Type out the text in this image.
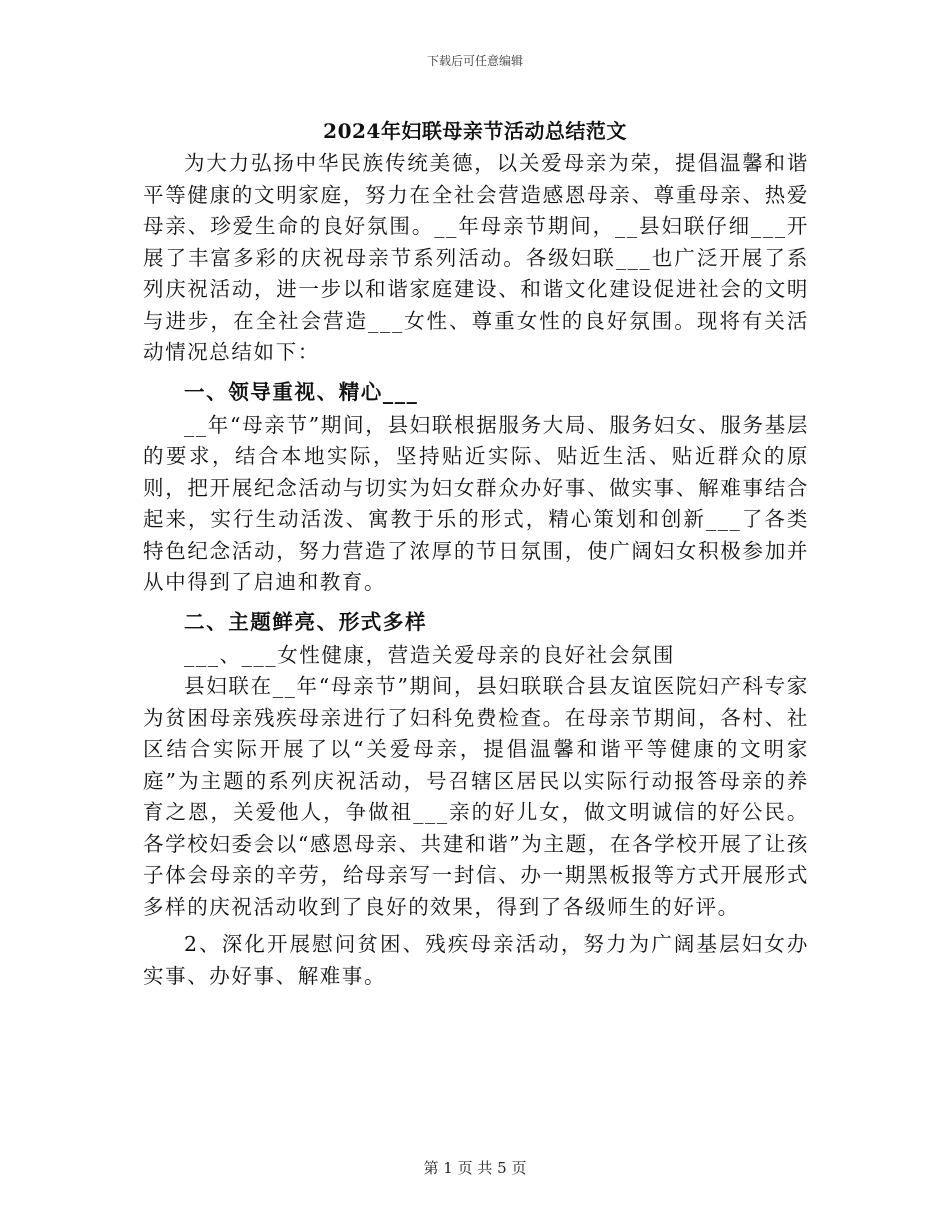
下载后可任意编辑
2024年妇联母亲节活动总结范文

为大力弘扬中华民族传统美德，以关爱母亲为荣，提倡温馨和谐平等健康的文明家庭，努力在全社会营造感恩母亲、尊重母亲、热爱母亲、珍爱生命的良好氛围。__年母亲节期间，__县妇联仔细___开展了丰富多彩的庆祝母亲节系列活动。各级妇联___也广泛开展了系列庆祝活动，进一步以和谐家庭建设、和谐文化建设促进社会的文明与进步，在全社会营造___女性、尊重女性的良好氛围。现将有关活动情况总结如下：

一、领导重视、精心___

__年“母亲节”期间，县妇联根据服务大局、服务妇女、服务基层的要求，结合本地实际，坚持贴近实际、贴近生活、贴近群众的原则，把开展纪念活动与切实为妇女群众办好事、做实事、解难事结合起来，实行生动活泼、寓教于乐的形式，精心策划和创新___了各类特色纪念活动，努力营造了浓厚的节日氛围，使广阔妇女积极参加并从中得到了启迪和教育。

二、主题鲜亮、形式多样

___、___女性健康，营造关爱母亲的良好社会氛围

县妇联在__年“母亲节”期间，县妇联联合县友谊医院妇产科专家为贫困母亲残疾母亲进行了妇科免费检查。在母亲节期间，各村、社区结合实际开展了以“关爱母亲，提倡温馨和谐平等健康的文明家庭”为主题的系列庆祝活动，号召辖区居民以实际行动报答母亲的养育之恩，关爱他人，争做祖___亲的好儿女，做文明诚信的好公民。各学校妇委会以“感恩母亲、共建和谐”为主题，在各学校开展了让孩子体会母亲的辛劳，给母亲写一封信、办一期黑板报等方式开展形式多样的庆祝活动收到了良好的效果，得到了各级师生的好评。

2、深化开展慰问贫困、残疾母亲活动，努力为广阔基层妇女办实事、办好事、解难事。

第 1 页 共 5 页
